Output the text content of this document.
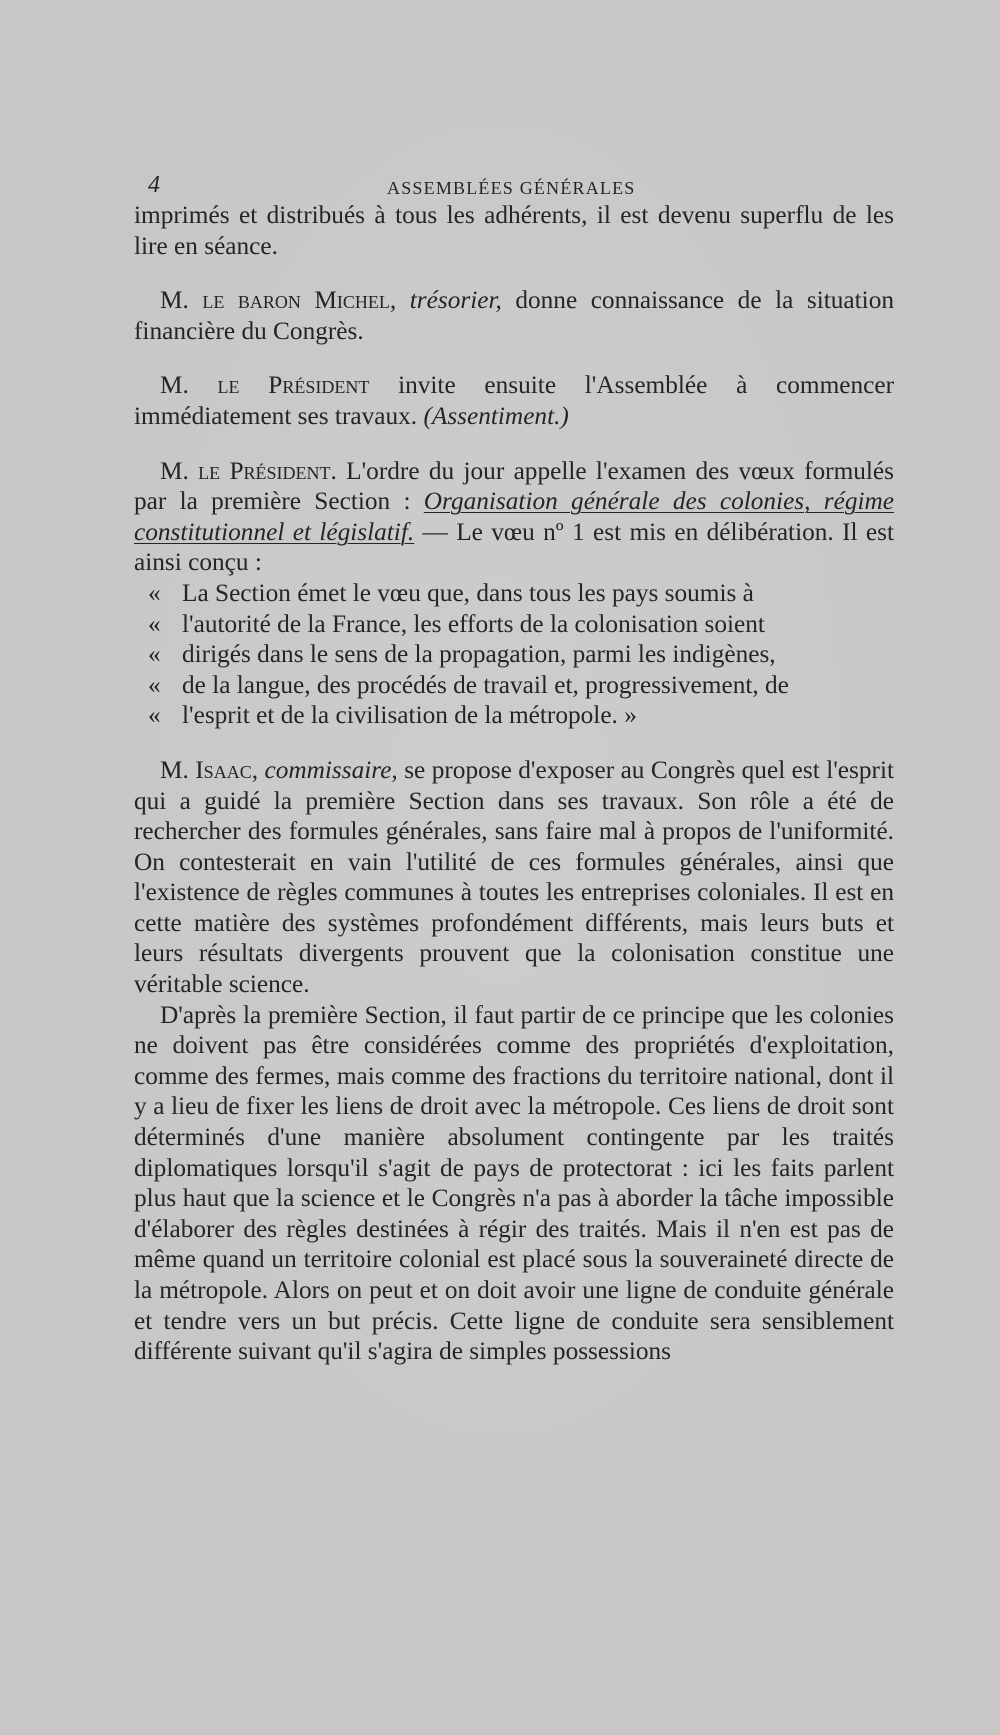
4	ASSEMBLÉES GÉNÉRALES

imprimés et distribués à tous les adhérents, il est devenu superflu de les lire en séance.

M. le baron Michel, trésorier, donne connaissance de la situation financière du Congrès.

M. le Président invite ensuite l'Assemblée à commencer immédiatement ses travaux. (Assentiment.)

M. le Président. L'ordre du jour appelle l'examen des vœux formulés par la première Section : Organisation générale des colonies, régime constitutionnel et législatif. — Le vœu nº 1 est mis en délibération. Il est ainsi conçu :

« La Section émet le vœu que, dans tous les pays soumis à
« l'autorité de la France, les efforts de la colonisation soient
« dirigés dans le sens de la propagation, parmi les indigènes,
« de la langue, des procédés de travail et, progressivement, de
« l'esprit et de la civilisation de la métropole. »

M. Isaac, commissaire, se propose d'exposer au Congrès quel est l'esprit qui a guidé la première Section dans ses travaux. Son rôle a été de rechercher des formules générales, sans faire mal à propos de l'uniformité. On contesterait en vain l'utilité de ces formules générales, ainsi que l'existence de règles communes à toutes les entreprises coloniales. Il est en cette matière des systèmes profondément différents, mais leurs buts et leurs résultats divergents prouvent que la colonisation constitue une véritable science.

D'après la première Section, il faut partir de ce principe que les colonies ne doivent pas être considérées comme des propriétés d'exploitation, comme des fermes, mais comme des fractions du territoire national, dont il y a lieu de fixer les liens de droit avec la métropole. Ces liens de droit sont déterminés d'une manière absolument contingente par les traités diplomatiques lorsqu'il s'agit de pays de protectorat : ici les faits parlent plus haut que la science et le Congrès n'a pas à aborder la tâche impossible d'élaborer des règles destinées à régir des traités. Mais il n'en est pas de même quand un territoire colonial est placé sous la souveraineté directe de la métropole. Alors on peut et on doit avoir une ligne de conduite générale et tendre vers un but précis. Cette ligne de conduite sera sensiblement différente suivant qu'il s'agira de simples possessions
